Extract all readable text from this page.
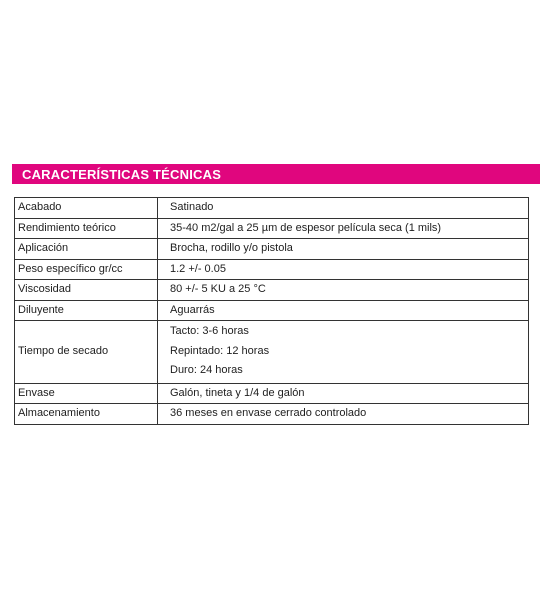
CARACTERÍSTICAS TÉCNICAS
Acabado	Satinado
Rendimiento teórico	35-40 m2/gal a 25 µm de espesor película seca (1 mils)
Aplicación	Brocha, rodillo y/o pistola
Peso específico gr/cc	1.2 +/- 0.05
Viscosidad	80 +/- 5 KU a 25 °C
Diluyente	Aguarrás
Tiempo de secado	Tacto: 3-6 horas
Repintado: 12 horas
Duro: 24 horas

Envase	Galón, tineta y 1/4 de galón
Almacenamiento	36 meses en envase cerrado controlado
